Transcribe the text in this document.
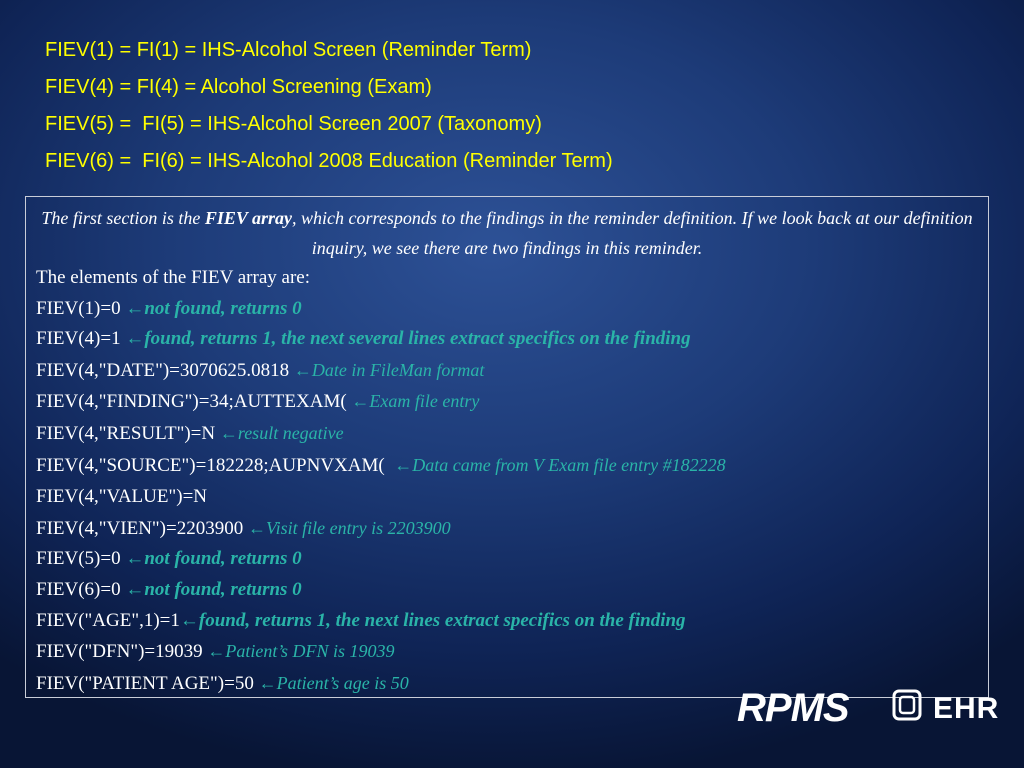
FIEV(1) = FI(1) = IHS-Alcohol Screen (Reminder Term)
FIEV(4) = FI(4) = Alcohol Screening (Exam)
FIEV(5) =  FI(5) = IHS-Alcohol Screen 2007 (Taxonomy)
FIEV(6) =  FI(6) = IHS-Alcohol 2008 Education (Reminder Term)

The first section is the FIEV array, which corresponds to the findings in the reminder definition. If we look back at our definition inquiry, we see there are two findings in this reminder.

The elements of the FIEV array are:
FIEV(1)=0 ←not found, returns 0
FIEV(4)=1 ←found, returns 1, the next several lines extract specifics on the finding
FIEV(4,"DATE")=3070625.0818 ←Date in FileMan format
FIEV(4,"FINDING")=34;AUTTEXAM( ←Exam file entry
FIEV(4,"RESULT")=N ←result negative
FIEV(4,"SOURCE")=182228;AUPNVXAM(  ←Data came from V Exam file entry #182228
FIEV(4,"VALUE")=N
FIEV(4,"VIEN")=2203900 ←Visit file entry is 2203900
FIEV(5)=0 ←not found, returns 0
FIEV(6)=0 ←not found, returns 0
FIEV("AGE",1)=1←found, returns 1, the next lines extract specifics on the finding
FIEV("DFN")=19039 ←Patient’s DFN is 19039
FIEV("PATIENT AGE")=50 ←Patient’s age is 50
RPMS	EHR
